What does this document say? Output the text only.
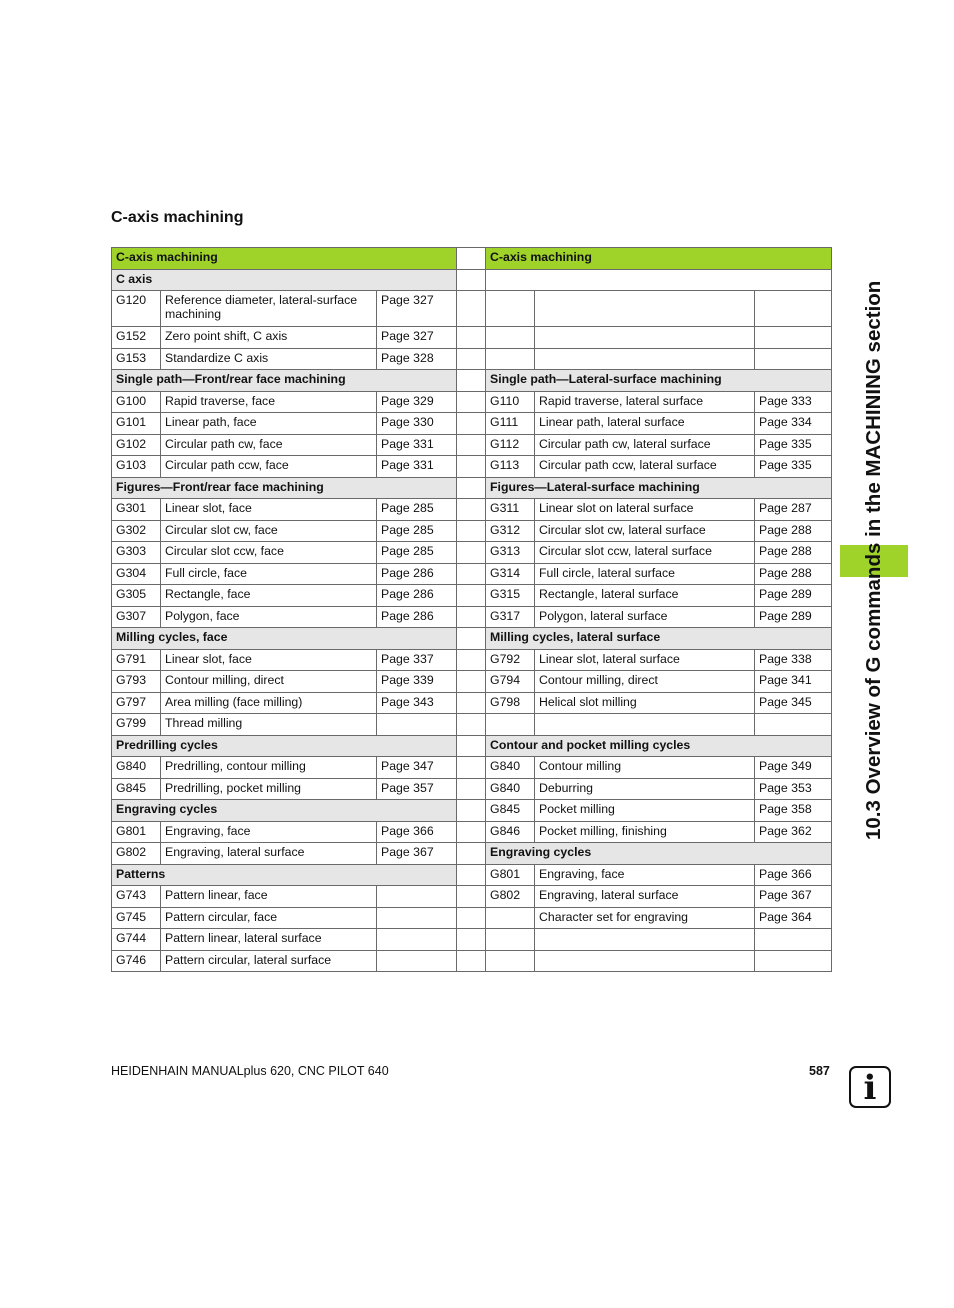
C-axis machining
C-axis machining				C-axis machining		
C axis						
G120	Reference diameter, lateral-surface machining	Page 327				
G152	Zero point shift, C axis	Page 327				
G153	Standardize C axis	Page 328				
Single path—Front/rear face machining				Single path—Lateral-surface machining		
G100	Rapid traverse, face	Page 329		G110	Rapid traverse, lateral surface	Page 333
G101	Linear path, face	Page 330		G111	Linear path, lateral surface	Page 334
G102	Circular path cw, face	Page 331		G112	Circular path cw, lateral surface	Page 335
G103	Circular path ccw, face	Page 331		G113	Circular path ccw, lateral surface	Page 335
Figures—Front/rear face machining				Figures—Lateral-surface machining		
G301	Linear slot, face	Page 285		G311	Linear slot on lateral surface	Page 287
G302	Circular slot cw, face	Page 285		G312	Circular slot cw, lateral surface	Page 288
G303	Circular slot ccw, face	Page 285		G313	Circular slot ccw, lateral surface	Page 288
G304	Full circle, face	Page 286		G314	Full circle, lateral surface	Page 288
G305	Rectangle, face	Page 286		G315	Rectangle, lateral surface	Page 289
G307	Polygon, face	Page 286		G317	Polygon, lateral surface	Page 289
Milling cycles, face				Milling cycles, lateral surface		
G791	Linear slot, face	Page 337		G792	Linear slot, lateral surface	Page 338
G793	Contour milling, direct	Page 339		G794	Contour milling, direct	Page 341
G797	Area milling (face milling)	Page 343		G798	Helical slot milling	Page 345
G799	Thread milling					
Predrilling cycles				Contour and pocket milling cycles		
G840	Predrilling, contour milling	Page 347		G840	Contour milling	Page 349
G845	Predrilling, pocket milling	Page 357		G840	Deburring	Page 353
Engraving cycles				G845	Pocket milling	Page 358
G801	Engraving, face	Page 366		G846	Pocket milling, finishing	Page 362
G802	Engraving, lateral surface	Page 367		Engraving cycles		
Patterns				G801	Engraving, face	Page 366
G743	Pattern linear, face			G802	Engraving, lateral surface	Page 367
G745	Pattern circular, face				Character set for engraving	Page 364
G744	Pattern linear, lateral surface					
G746	Pattern circular, lateral surface					
10.3 Overview of G commands in the MACHINING section
HEIDENHAIN MANUALplus 620, CNC PILOT 640	587 i
